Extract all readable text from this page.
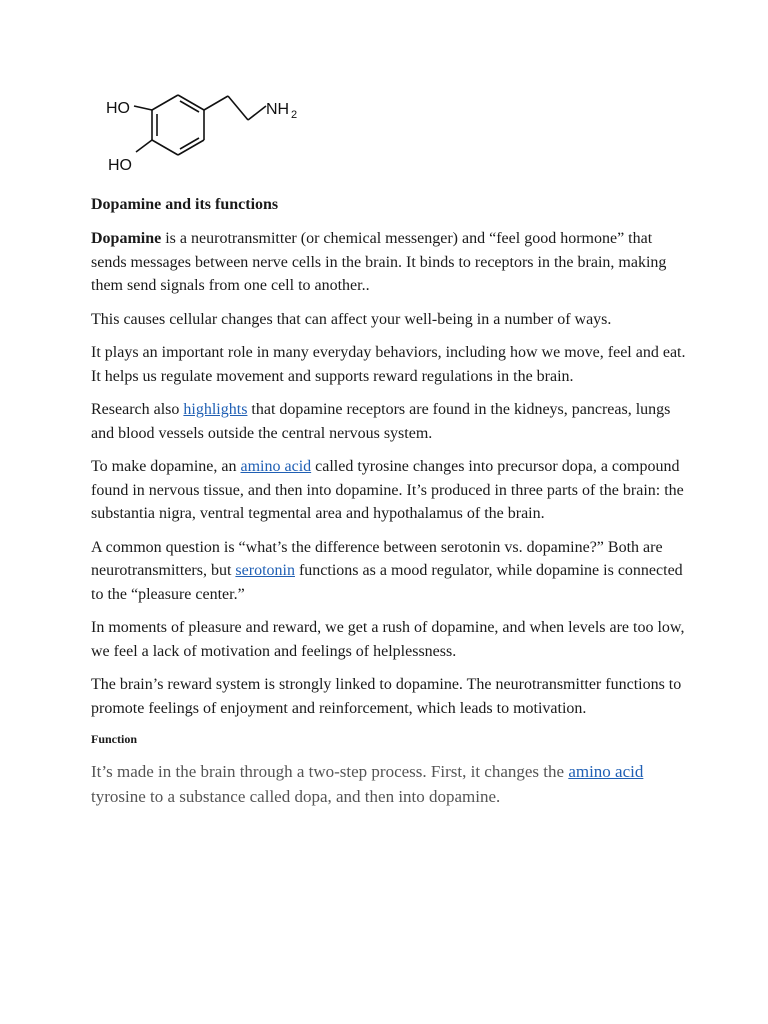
HO
HO
NH 2
Dopamine and its functions

Dopamine is a neurotransmitter (or chemical messenger) and “feel good hormone” that sends messages between nerve cells in the brain. It binds to receptors in the brain, making them send signals from one cell to another..

This causes cellular changes that can affect your well-being in a number of ways.

It plays an important role in many everyday behaviors, including how we move, feel and eat. It helps us regulate movement and supports reward regulations in the brain.

Research also highlights that dopamine receptors are found in the kidneys, pancreas, lungs and blood vessels outside the central nervous system.

To make dopamine, an amino acid called tyrosine changes into precursor dopa, a compound found in nervous tissue, and then into dopamine. It’s produced in three parts of the brain: the substantia nigra, ventral tegmental area and hypothalamus of the brain.

A common question is “what’s the difference between serotonin vs. dopamine?” Both are neurotransmitters, but serotonin functions as a mood regulator, while dopamine is connected to the “pleasure center.”

In moments of pleasure and reward, we get a rush of dopamine, and when levels are too low, we feel a lack of motivation and feelings of helplessness.

The brain’s reward system is strongly linked to dopamine. The neurotransmitter functions to promote feelings of enjoyment and reinforcement, which leads to motivation.

Function

It’s made in the brain through a two-step process. First, it changes the amino acid tyrosine to a substance called dopa, and then into dopamine.
